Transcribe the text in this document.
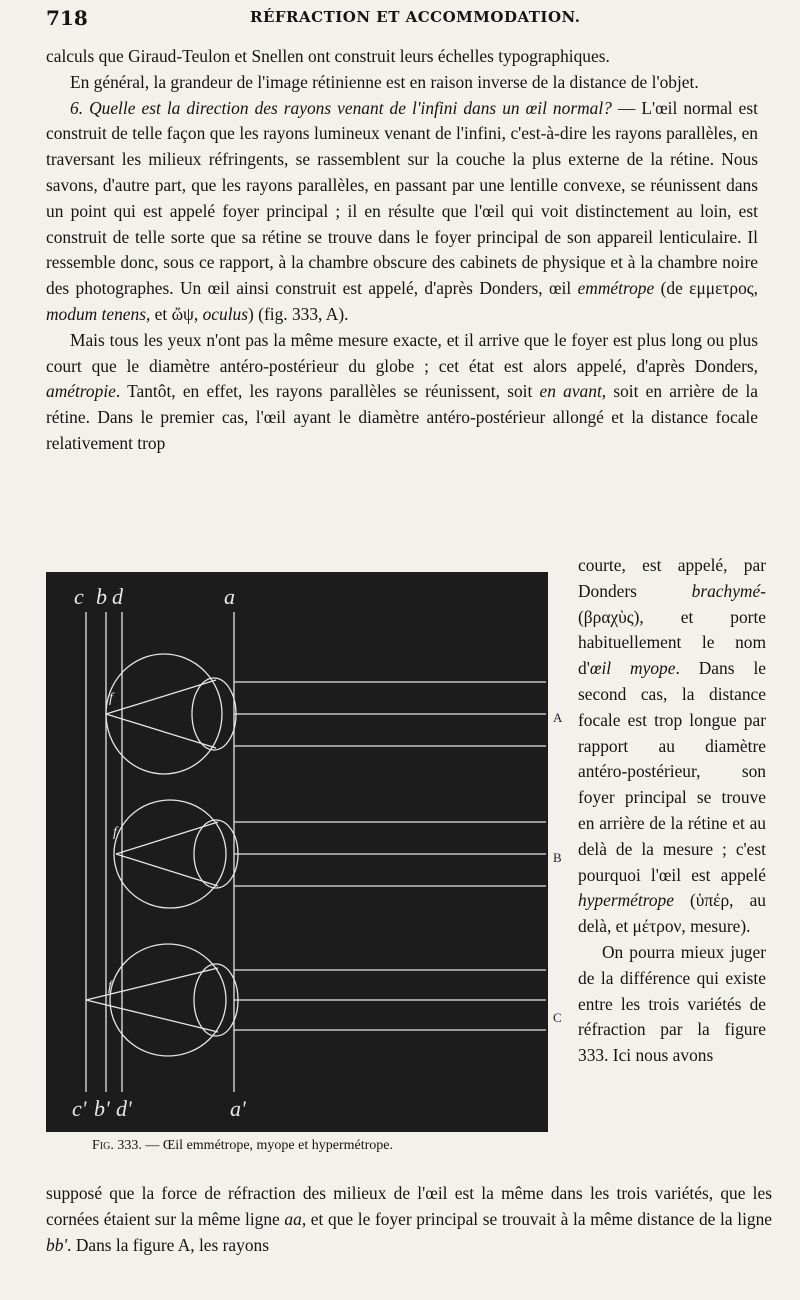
718	RÉFRACTION ET ACCOMMODATION.

calculs que Giraud-Teulon et Snellen ont construit leurs échelles typographiques.

En général, la grandeur de l'image rétinienne est en raison inverse de la distance de l'objet.

6. Quelle est la direction des rayons venant de l'infini dans un œil normal? — L'œil normal est construit de telle façon que les rayons lumineux venant de l'infini, c'est-à-dire les rayons parallèles, en traversant les milieux réfringents, se rassemblent sur la couche la plus externe de la rétine. Nous savons, d'autre part, que les rayons parallèles, en passant par une lentille convexe, se réunissent dans un point qui est appelé foyer principal ; il en résulte que l'œil qui voit distinctement au loin, est construit de telle sorte que sa rétine se trouve dans le foyer principal de son appareil lenticulaire. Il ressemble donc, sous ce rapport, à la chambre obscure des cabinets de physique et à la chambre noire des photographes. Un œil ainsi construit est appelé, d'après Donders, œil emmétrope (de εμμετρος, modum tenens, et ὤψ, oculus) (fig. 333, A).

Mais tous les yeux n'ont pas la même mesure exacte, et il arrive que le foyer est plus long ou plus court que le diamètre antéro-postérieur du globe ; cet état est alors appelé, d'après Donders, amétropie. Tantôt, en effet, les rayons parallèles se réunissent, soit en avant, soit en arrière de la rétine. Dans le premier cas, l'œil ayant le diamètre antéro-postérieur allongé et la distance focale relativement trop

c b d	a
c' b' d'	a'
f
f
f
A
B
C

courte, est appelé, par Donders brachymé- (βραχὺς), et porte habituellement le nom d'œil myope. Dans le second cas, la distance focale est trop longue par rapport au diamètre antéro-postérieur, son foyer principal se trouve en arrière de la rétine et au delà de la mesure ; c'est pourquoi l'œil est appelé hypermétrope (ὑπέρ, au delà, et μέτρον, mesure).

On pourra mieux juger de la différence qui existe entre les trois variétés de réfraction par la figure 333. Ici nous avons

Fig. 333. — Œil emmétrope, myope et hypermétrope.

supposé que la force de réfraction des milieux de l'œil est la même dans les trois variétés, que les cornées étaient sur la même ligne aa, et que le foyer principal se trouvait à la même distance de la ligne bb'. Dans la figure A, les rayons
